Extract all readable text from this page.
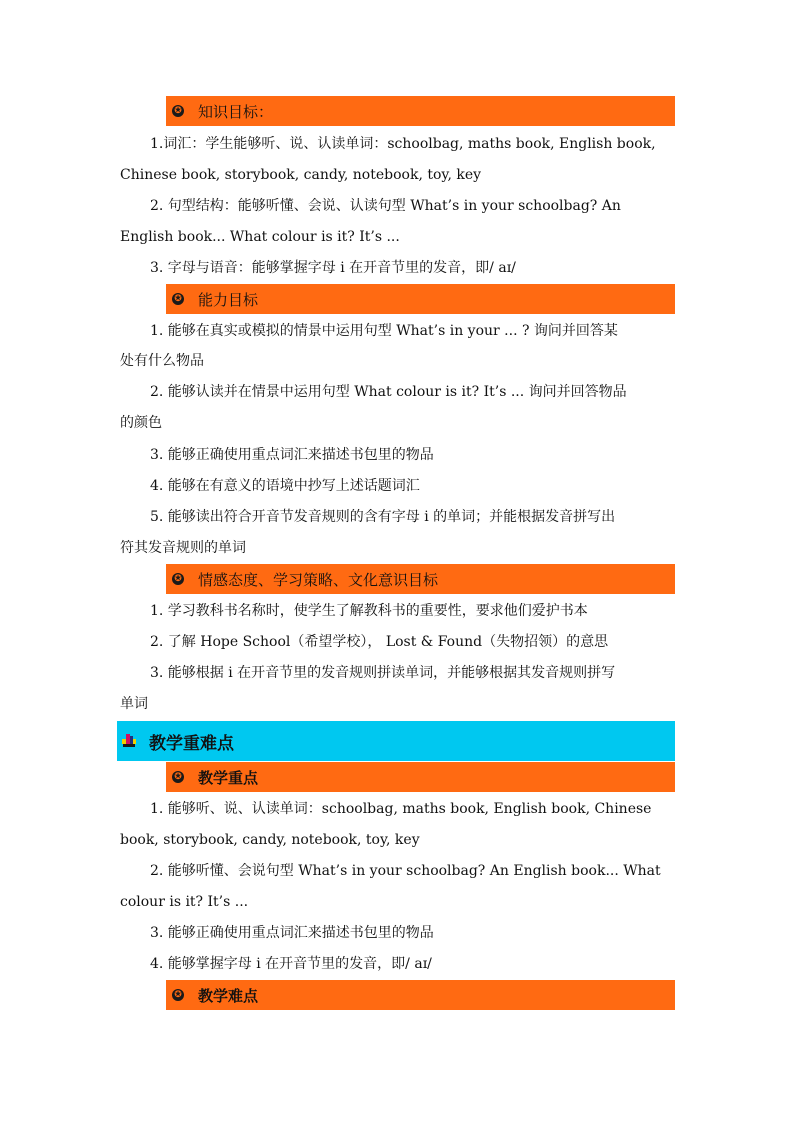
✪ 知识目标：
1.词汇：学生能够听、说、认读单词：schoolbag, maths book, English book,
Chinese book, storybook, candy, notebook, toy, key
2. 句型结构：能够听懂、会说、认读句型 What’s in your schoolbag? An
English book... What colour is it? It’s ...
3. 字母与语音：能够掌握字母 i 在开音节里的发音，即/ aɪ/
✪ 能力目标
1. 能够在真实或模拟的情景中运用句型 What’s in your ... ? 询问并回答某
处有什么物品
2. 能够认读并在情景中运用句型 What colour is it? It’s ... 询问并回答物品
的颜色
3. 能够正确使用重点词汇来描述书包里的物品
4. 能够在有意义的语境中抄写上述话题词汇
5. 能够读出符合开音节发音规则的含有字母 i 的单词；并能根据发音拼写出
符其发音规则的单词
✪ 情感态度、学习策略、文化意识目标
1. 学习教科书名称时，使学生了解教科书的重要性，要求他们爱护书本
2. 了解 Hope School（希望学校）， Lost & Found（失物招领）的意思
3. 能够根据 i 在开音节里的发音规则拼读单词，并能够根据其发音规则拼写
单词
教学重难点
✪ 教学重点
1. 能够听、说、认读单词：schoolbag, maths book, English book, Chinese
book, storybook, candy, notebook, toy, key
2. 能够听懂、会说句型 What’s in your schoolbag? An English book... What
colour is it? It’s ...
3. 能够正确使用重点词汇来描述书包里的物品
4. 能够掌握字母 i 在开音节里的发音，即/ aɪ/
✪ 教学难点
